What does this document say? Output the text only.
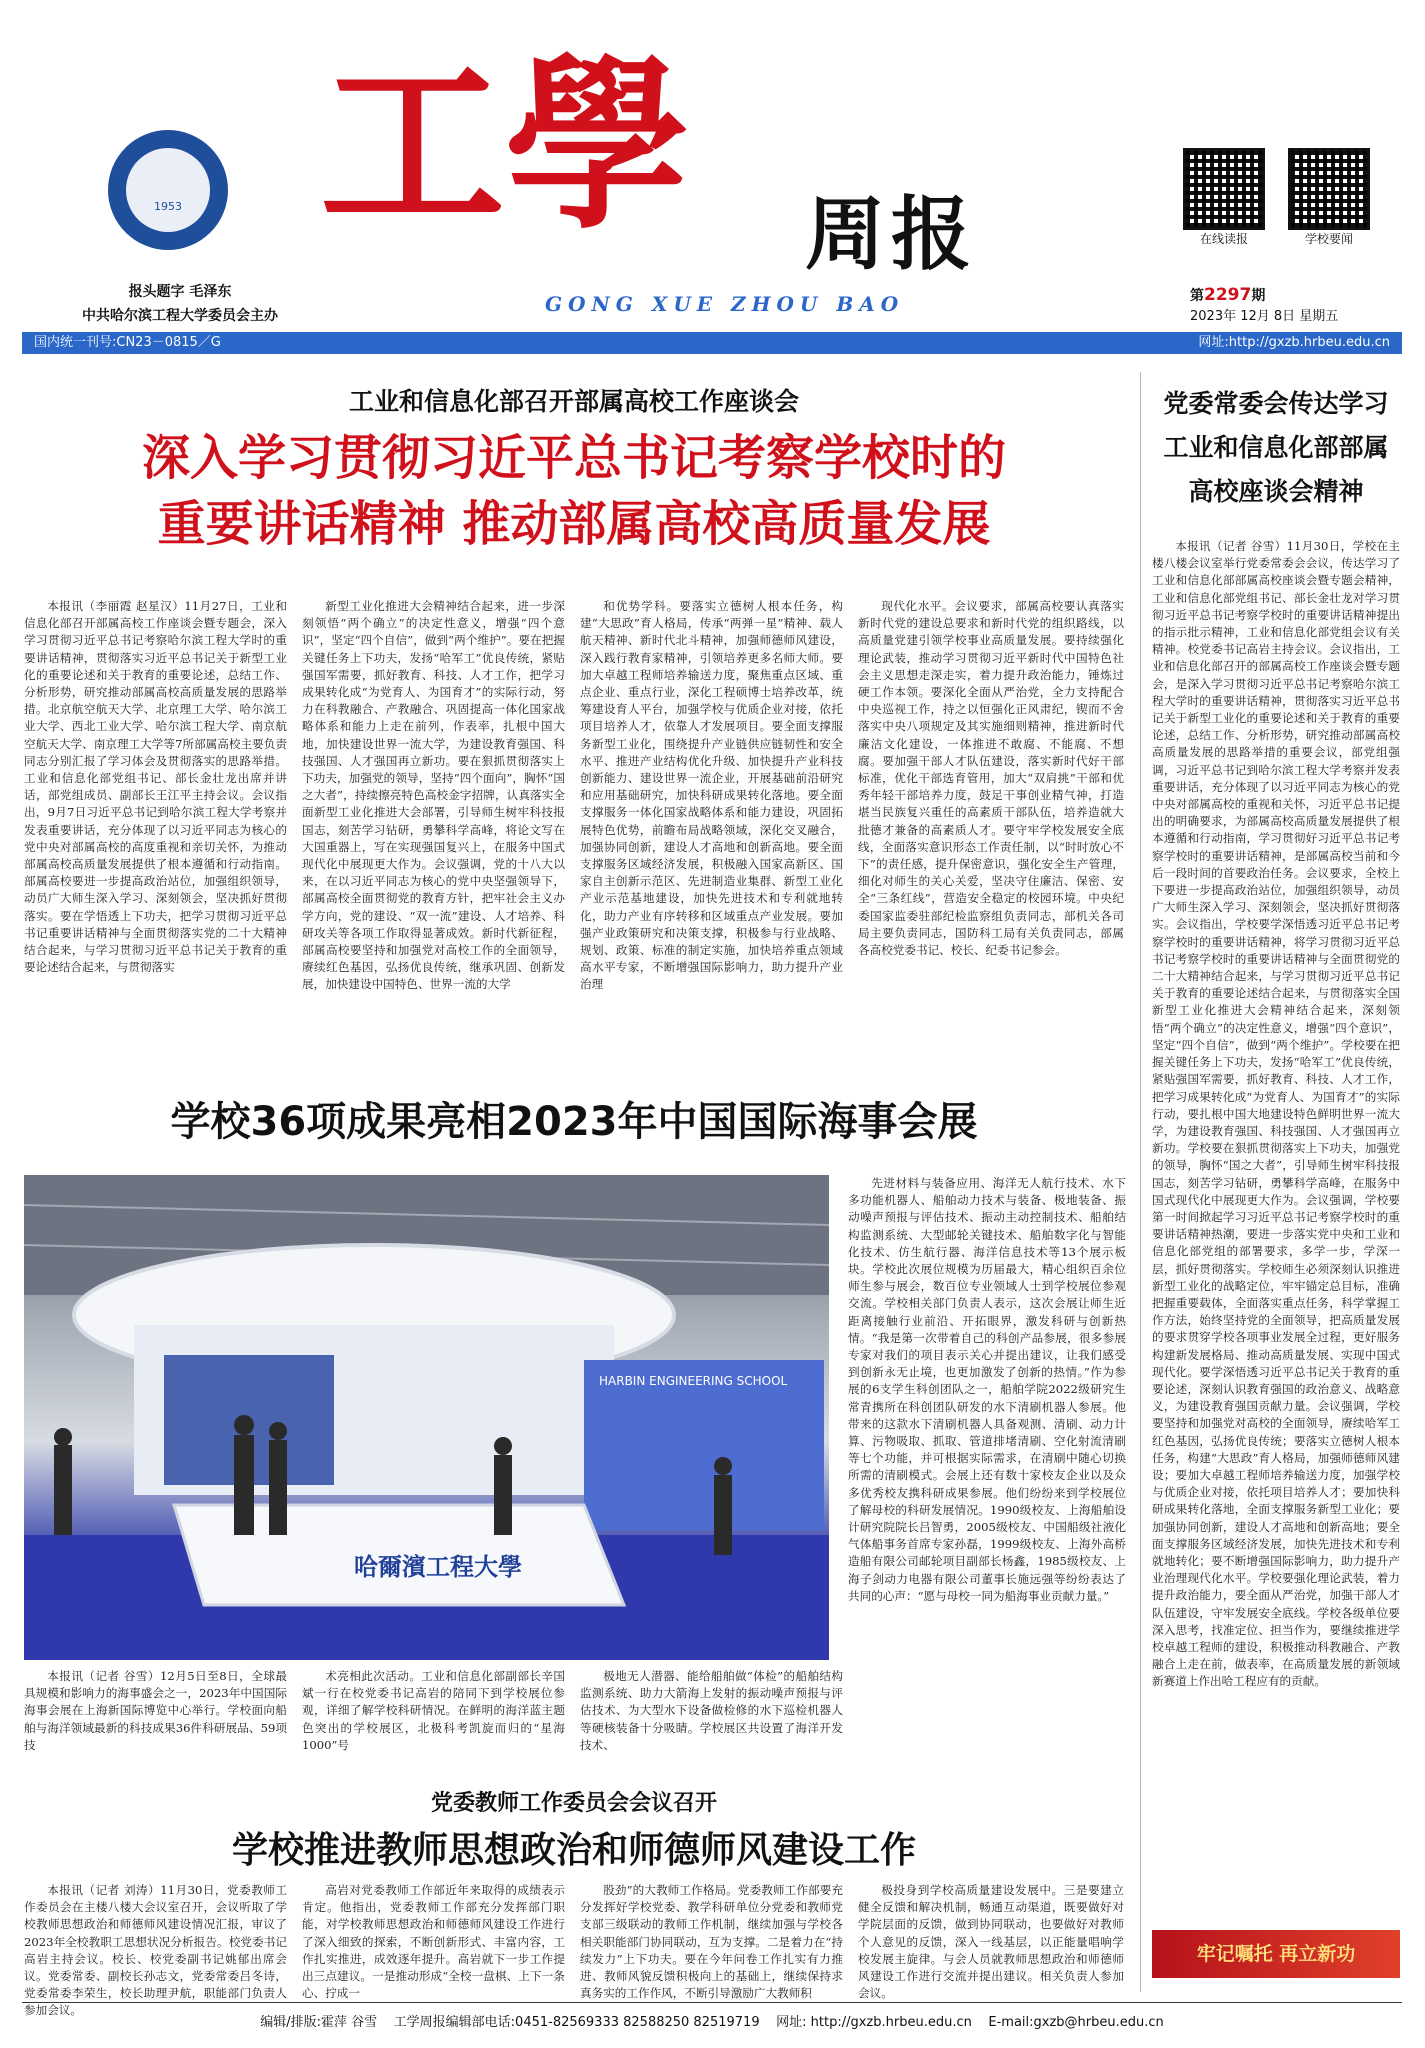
1953 工學 周报
GONG XUE ZHOU BAO
报头题字 毛泽东
中共哈尔滨工程大学委员会主办
在线读报	学校要闻
第2297期
2023年 12月 8日 星期五
国内统一刊号:CN23－0815／G	网址:http://gxzb.hrbeu.edu.cn
工业和信息化部召开部属高校工作座谈会
深入学习贯彻习近平总书记考察学校时的
重要讲话精神 推动部属高校高质量发展

本报讯（李丽霞 赵星汉）11月27日，工业和信息化部召开部属高校工作座谈会暨专题会，深入学习贯彻习近平总书记考察哈尔滨工程大学时的重要讲话精神，贯彻落实习近平总书记关于新型工业化的重要论述和关于教育的重要论述，总结工作、分析形势，研究推动部属高校高质量发展的思路举措。北京航空航天大学、北京理工大学、哈尔滨工业大学、西北工业大学、哈尔滨工程大学、南京航空航天大学、南京理工大学等7所部属高校主要负责同志分别汇报了学习体会及贯彻落实的思路举措。工业和信息化部党组书记、部长金壮龙出席并讲话，部党组成员、副部长王江平主持会议。会议指出，9月7日习近平总书记到哈尔滨工程大学考察并发表重要讲话，充分体现了以习近平同志为核心的党中央对部属高校的高度重视和亲切关怀，为推动部属高校高质量发展提供了根本遵循和行动指南。部属高校要进一步提高政治站位，加强组织领导，动员广大师生深入学习、深刻领会，坚决抓好贯彻落实。要在学悟透上下功夫，把学习贯彻习近平总书记重要讲话精神与全面贯彻落实党的二十大精神结合起来，与学习贯彻习近平总书记关于教育的重要论述结合起来，与贯彻落实

新型工业化推进大会精神结合起来，进一步深刻领悟“两个确立”的决定性意义，增强“四个意识”，坚定“四个自信”，做到“两个维护”。要在把握关键任务上下功夫，发扬“哈军工”优良传统，紧贴强国军需要，抓好教育、科技、人才工作，把学习成果转化成“为党育人、为国育才”的实际行动，努力在科教融合、产教融合、巩固提高一体化国家战略体系和能力上走在前列，作表率，扎根中国大地，加快建设世界一流大学，为建设教育强国、科技强国、人才强国再立新功。要在狠抓贯彻落实上下功夫，加强党的领导，坚持“四个面向”，胸怀“国之大者”，持续擦亮特色高校金字招牌，认真落实全面新型工业化推进大会部署，引导师生树牢科技报国志，刻苦学习钻研，勇攀科学高峰，将论文写在大国重器上，写在实现强国复兴上，在服务中国式现代化中展现更大作为。会议强调，党的十八大以来，在以习近平同志为核心的党中央坚强领导下，部属高校全面贯彻党的教育方针，把牢社会主义办学方向，党的建设、“双一流”建设、人才培养、科研攻关等各项工作取得显著成效。新时代新征程，部属高校要坚持和加强党对高校工作的全面领导，赓续红色基因，弘扬优良传统，继承巩固、创新发展，加快建设中国特色、世界一流的大学

和优势学科。要落实立德树人根本任务，构建“大思政”育人格局，传承“两弹一星”精神、载人航天精神、新时代北斗精神，加强师德师风建设，深入践行教育家精神，引领培养更多名师大师。要加大卓越工程师培养输送力度，聚焦重点区域、重点企业、重点行业，深化工程硕博士培养改革，统筹建设育人平台，加强学校与优质企业对接，依托项目培养人才，依靠人才发展项目。要全面支撑服务新型工业化，围绕提升产业链供应链韧性和安全水平、推进产业结构优化升级、加快提升产业科技创新能力、建设世界一流企业，开展基础前沿研究和应用基础研究，加快科研成果转化落地。要全面支撑服务一体化国家战略体系和能力建设，巩固拓展特色优势，前瞻布局战略领域，深化交叉融合，加强协同创新，建设人才高地和创新高地。要全面支撑服务区域经济发展，积极融入国家高新区、国家自主创新示范区、先进制造业集群、新型工业化产业示范基地建设，加快先进技术和专利就地转化，助力产业有序转移和区域重点产业发展。要加强产业政策研究和决策支撑，积极参与行业战略、规划、政策、标准的制定实施，加快培养重点领域高水平专家，不断增强国际影响力，助力提升产业治理

现代化水平。会议要求，部属高校要认真落实新时代党的建设总要求和新时代党的组织路线，以高质量党建引领学校事业高质量发展。要持续强化理论武装，推动学习贯彻习近平新时代中国特色社会主义思想走深走实，着力提升政治能力，锤炼过硬工作本领。要深化全面从严治党，全力支持配合中央巡视工作，持之以恒强化正风肃纪，锲而不舍落实中央八项规定及其实施细则精神，推进新时代廉洁文化建设，一体推进不敢腐、不能腐、不想腐。要加强干部人才队伍建设，落实新时代好干部标准，优化干部选育管用，加大“双肩挑”干部和优秀年轻干部培养力度，鼓足干事创业精气神，打造堪当民族复兴重任的高素质干部队伍，培养造就大批德才兼备的高素质人才。要守牢学校发展安全底线，全面落实意识形态工作责任制，以“时时放心不下”的责任感，提升保密意识，强化安全生产管理，细化对师生的关心关爱，坚决守住廉洁、保密、安全“三条红线”，营造安全稳定的校园环境。中央纪委国家监委驻部纪检监察组负责同志，部机关各司局主要负责同志，国防科工局有关负责同志，部属各高校党委书记、校长、纪委书记参会。

党委常委会传达学习
工业和信息化部部属
高校座谈会精神

本报讯（记者 谷雪）11月30日，学校在主楼八楼会议室举行党委常委会会议，传达学习了工业和信息化部部属高校座谈会暨专题会精神，工业和信息化部党组书记、部长金壮龙对学习贯彻习近平总书记考察学校时的重要讲话精神提出的指示批示精神，工业和信息化部党组会议有关精神。校党委书记高岩主持会议。会议指出，工业和信息化部召开的部属高校工作座谈会暨专题会，是深入学习贯彻习近平总书记考察哈尔滨工程大学时的重要讲话精神，贯彻落实习近平总书记关于新型工业化的重要论述和关于教育的重要论述，总结工作、分析形势，研究推动部属高校高质量发展的思路举措的重要会议，部党组强调，习近平总书记到哈尔滨工程大学考察并发表重要讲话，充分体现了以习近平同志为核心的党中央对部属高校的重视和关怀，习近平总书记提出的明确要求，为部属高校高质量发展提供了根本遵循和行动指南，学习贯彻好习近平总书记考察学校时的重要讲话精神，是部属高校当前和今后一段时间的首要政治任务。会议要求，全校上下要进一步提高政治站位，加强组织领导，动员广大师生深入学习、深刻领会，坚决抓好贯彻落实。会议指出，学校要学深悟透习近平总书记考察学校时的重要讲话精神，将学习贯彻习近平总书记考察学校时的重要讲话精神与全面贯彻党的二十大精神结合起来，与学习贯彻习近平总书记关于教育的重要论述结合起来，与贯彻落实全国新型工业化推进大会精神结合起来，深刻领悟“两个确立”的决定性意义，增强“四个意识”，坚定“四个自信”，做到“两个维护”。学校要在把握关键任务上下功夫，发扬“哈军工”优良传统，紧贴强国军需要，抓好教育、科技、人才工作，把学习成果转化成“为党育人、为国育才”的实际行动，要扎根中国大地建设特色鲜明世界一流大学，为建设教育强国、科技强国、人才强国再立新功。学校要在狠抓贯彻落实上下功夫，加强党的领导，胸怀“国之大者”，引导师生树牢科技报国志，刻苦学习钻研，勇攀科学高峰，在服务中国式现代化中展现更大作为。会议强调，学校要第一时间掀起学习习近平总书记考察学校时的重要讲话精神热潮，要进一步落实党中央和工业和信息化部党组的部署要求，多学一步，学深一层，抓好贯彻落实。学校师生必须深刻认识推进新型工业化的战略定位，牢牢锚定总目标，准确把握重要载体，全面落实重点任务，科学掌握工作方法，始终坚持党的全面领导，把高质量发展的要求贯穿学校各项事业发展全过程，更好服务构建新发展格局、推动高质量发展、实现中国式现代化。要学深悟透习近平总书记关于教育的重要论述，深刻认识教育强国的政治意义、战略意义，为建设教育强国贡献力量。会议强调，学校要坚持和加强党对高校的全面领导，赓续哈军工红色基因，弘扬优良传统；要落实立德树人根本任务，构建“大思政”育人格局，加强师德师风建设；要加大卓越工程师培养输送力度，加强学校与优质企业对接，依托项目培养人才；要加快科研成果转化落地，全面支撑服务新型工业化；要加强协同创新，建设人才高地和创新高地；要全面支撑服务区域经济发展，加快先进技术和专利就地转化；要不断增强国际影响力，助力提升产业治理现代化水平。学校要强化理论武装，着力提升政治能力，要全面从严治党，加强干部人才队伍建设，守牢发展安全底线。学校各级单位要深入思考，找准定位、担当作为，要继续推进学校卓越工程师的建设，积极推动科教融合、产教融合上走在前，做表率，在高质量发展的新领域新赛道上作出哈工程应有的贡献。

牢记嘱托 再立新功
学校36项成果亮相2023年中国国际海事会展
HARBIN ENGINEERING SCHOOL
哈爾濱工程大學

先进材料与装备应用、海洋无人航行技术、水下多功能机器人、船舶动力技术与装备、极地装备、振动噪声预报与评估技术、振动主动控制技术、船舶结构监测系统、大型邮轮关键技术、船舶数字化与智能化技术、仿生航行器、海洋信息技术等13个展示板块。学校此次展位规模为历届最大，精心组织百余位师生参与展会，数百位专业领域人士到学校展位参观交流。学校相关部门负责人表示，这次会展让师生近距离接触行业前沿、开拓眼界，激发科研与创新热情。“我是第一次带着自己的科创产品参展，很多参展专家对我们的项目表示关心并提出建议，让我们感受到创新永无止境，也更加激发了创新的热情。”作为参展的6支学生科创团队之一，船舶学院2022级研究生常青携所在科创团队研发的水下清刷机器人参展。他带来的这款水下清刷机器人具备观测、清刷、动力计算、污物吸取、抓取、管道排堵清刷、空化射流清刷等七个功能，并可根据实际需求，在清刷中随心切换所需的清刷模式。会展上还有数十家校友企业以及众多优秀校友携科研成果参展。他们纷纷来到学校展位了解母校的科研发展情况。1990级校友、上海船舶设计研究院院长吕智勇，2005级校友、中国船级社液化气体船事务首席专家孙磊，1999级校友、上海外高桥造船有限公司邮轮项目副部长杨鑫，1985级校友、上海子剑动力电器有限公司董事长施远强等纷纷表达了共同的心声：“愿与母校一同为船海事业贡献力量。”

本报讯（记者 谷雪）12月5日至8日，全球最具规模和影响力的海事盛会之一，2023年中国国际海事会展在上海新国际博览中心举行。学校面向船舶与海洋领域最新的科技成果36件科研展品、59项技

术亮相此次活动。工业和信息化部副部长辛国斌一行在校党委书记高岩的陪同下到学校展位参观，详细了解学校科研情况。在鲜明的海洋蓝主题色突出的学校展区，北极科考凯旋而归的“星海1000”号

极地无人潜器、能给船舶做“体检”的船舶结构监测系统、助力大箭海上发射的振动噪声预报与评估技术、为大型水下设备做检修的水下巡检机器人等硬核装备十分吸睛。学校展区共设置了海洋开发技术、

党委教师工作委员会会议召开
学校推进教师思想政治和师德师风建设工作

本报讯（记者 刘涛）11月30日，党委教师工作委员会在主楼八楼大会议室召开，会议听取了学校教师思想政治和师德师风建设情况汇报，审议了2023年全校教职工思想状况分析报告。校党委书记高岩主持会议。校长、校党委副书记姚郁出席会议。党委常委、副校长孙志文，党委常委吕冬诗，党委常委李荣生，校长助理尹航，职能部门负责人参加会议。

高岩对党委教师工作部近年来取得的成绩表示肯定。他指出，党委教师工作部充分发挥部门职能，对学校教师思想政治和师德师风建设工作进行了深入细致的探索，不断创新形式、丰富内容，工作扎实推进，成效逐年提升。高岩就下一步工作提出三点建议。一是推动形成“全校一盘棋、上下一条心、拧成一

股劲”的大教师工作格局。党委教师工作部要充分发挥好学校党委、教学科研单位分党委和教师党支部三级联动的教师工作机制，继续加强与学校各相关职能部门协同联动，互为支撑。二是着力在“持续发力”上下功夫。要在今年问卷工作扎实有力推进、教师风貌反馈积极向上的基础上，继续保持求真务实的工作作风，不断引导激励广大教师积

极投身到学校高质量建设发展中。三是要建立健全反馈和解决机制，畅通互动渠道，既要做好对学院层面的反馈，做到协同联动，也要做好对教师个人意见的反馈，深入一线基层，以正能量唱响学校发展主旋律。与会人员就教师思想政治和师德师风建设工作进行交流并提出建议。相关负责人参加会议。

编辑/排版:霍萍 谷雪 工学周报编辑部电话:0451-82569333 82588250 82519719 网址: http://gxzb.hrbeu.edu.cn E-mail:gxzb@hrbeu.edu.cn
